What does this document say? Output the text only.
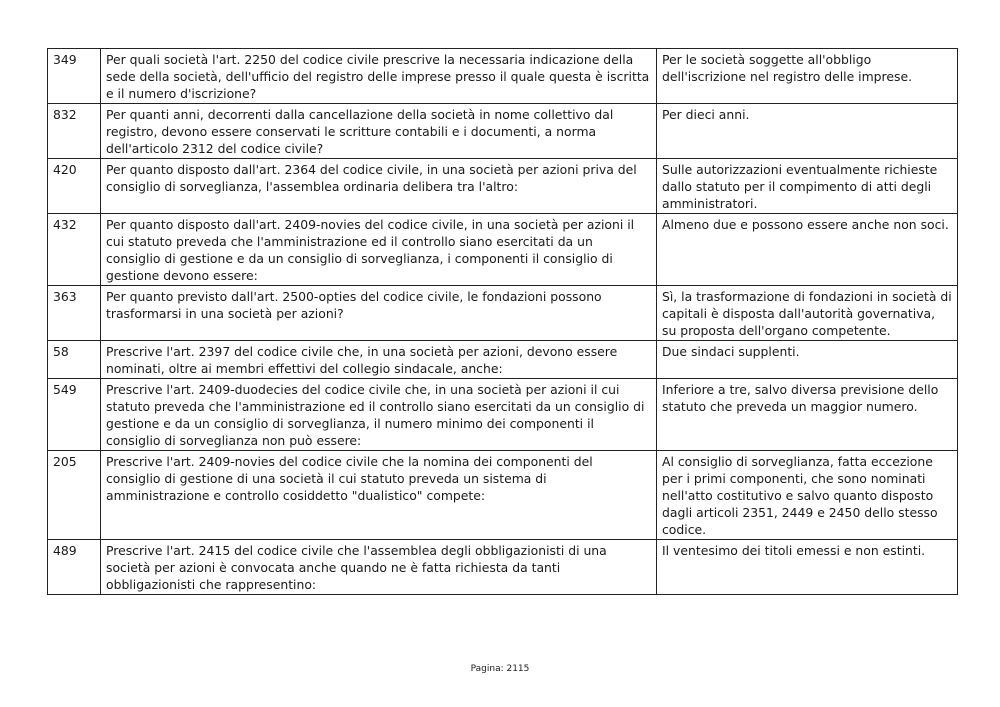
349	Per quali società l'art. 2250 del codice civile prescrive la necessaria indicazione della sede della società, dell'ufficio del registro delle imprese presso il quale questa è iscritta e il numero d'iscrizione?	Per le società soggette all'obbligo dell'iscrizione nel registro delle imprese.
832	Per quanti anni, decorrenti dalla cancellazione della società in nome collettivo dal registro, devono essere conservati le scritture contabili e i documenti, a norma dell'articolo 2312 del codice civile?	Per dieci anni.
420	Per quanto disposto dall'art. 2364 del codice civile, in una società per azioni priva del consiglio di sorveglianza, l'assemblea ordinaria delibera tra l'altro:	Sulle autorizzazioni eventualmente richieste dallo statuto per il compimento di atti degli amministratori.
432	Per quanto disposto dall'art. 2409-novies del codice civile, in una società per azioni il cui statuto preveda che l'amministrazione ed il controllo siano esercitati da un consiglio di gestione e da un consiglio di sorveglianza, i componenti il consiglio di gestione devono essere:	Almeno due e possono essere anche non soci.
363	Per quanto previsto dall'art. 2500-opties del codice civile, le fondazioni possono trasformarsi in una società per azioni?	Sì, la trasformazione di fondazioni in società di capitali è disposta dall'autorità governativa, su proposta dell'organo competente.
58	Prescrive l'art. 2397 del codice civile che, in una società per azioni, devono essere nominati, oltre ai membri effettivi del collegio sindacale, anche:	Due sindaci supplenti.
549	Prescrive l'art. 2409-duodecies del codice civile che, in una società per azioni il cui statuto preveda che l'amministrazione ed il controllo siano esercitati da un consiglio di gestione e da un consiglio di sorveglianza, il numero minimo dei componenti il consiglio di sorveglianza non può essere:	Inferiore a tre, salvo diversa previsione dello statuto che preveda un maggior numero.
205	Prescrive l'art. 2409-novies del codice civile che la nomina dei componenti del consiglio di gestione di una società il cui statuto preveda un sistema di amministrazione e controllo cosiddetto "dualistico" compete:	Al consiglio di sorveglianza, fatta eccezione per i primi componenti, che sono nominati nell'atto costitutivo e salvo quanto disposto dagli articoli 2351, 2449 e 2450 dello stesso codice.
489	Prescrive l'art. 2415 del codice civile che l'assemblea degli obbligazionisti di una società per azioni è convocata anche quando ne è fatta richiesta da tanti obbligazionisti che rappresentino:	Il ventesimo dei titoli emessi e non estinti.
Pagina: 2115
